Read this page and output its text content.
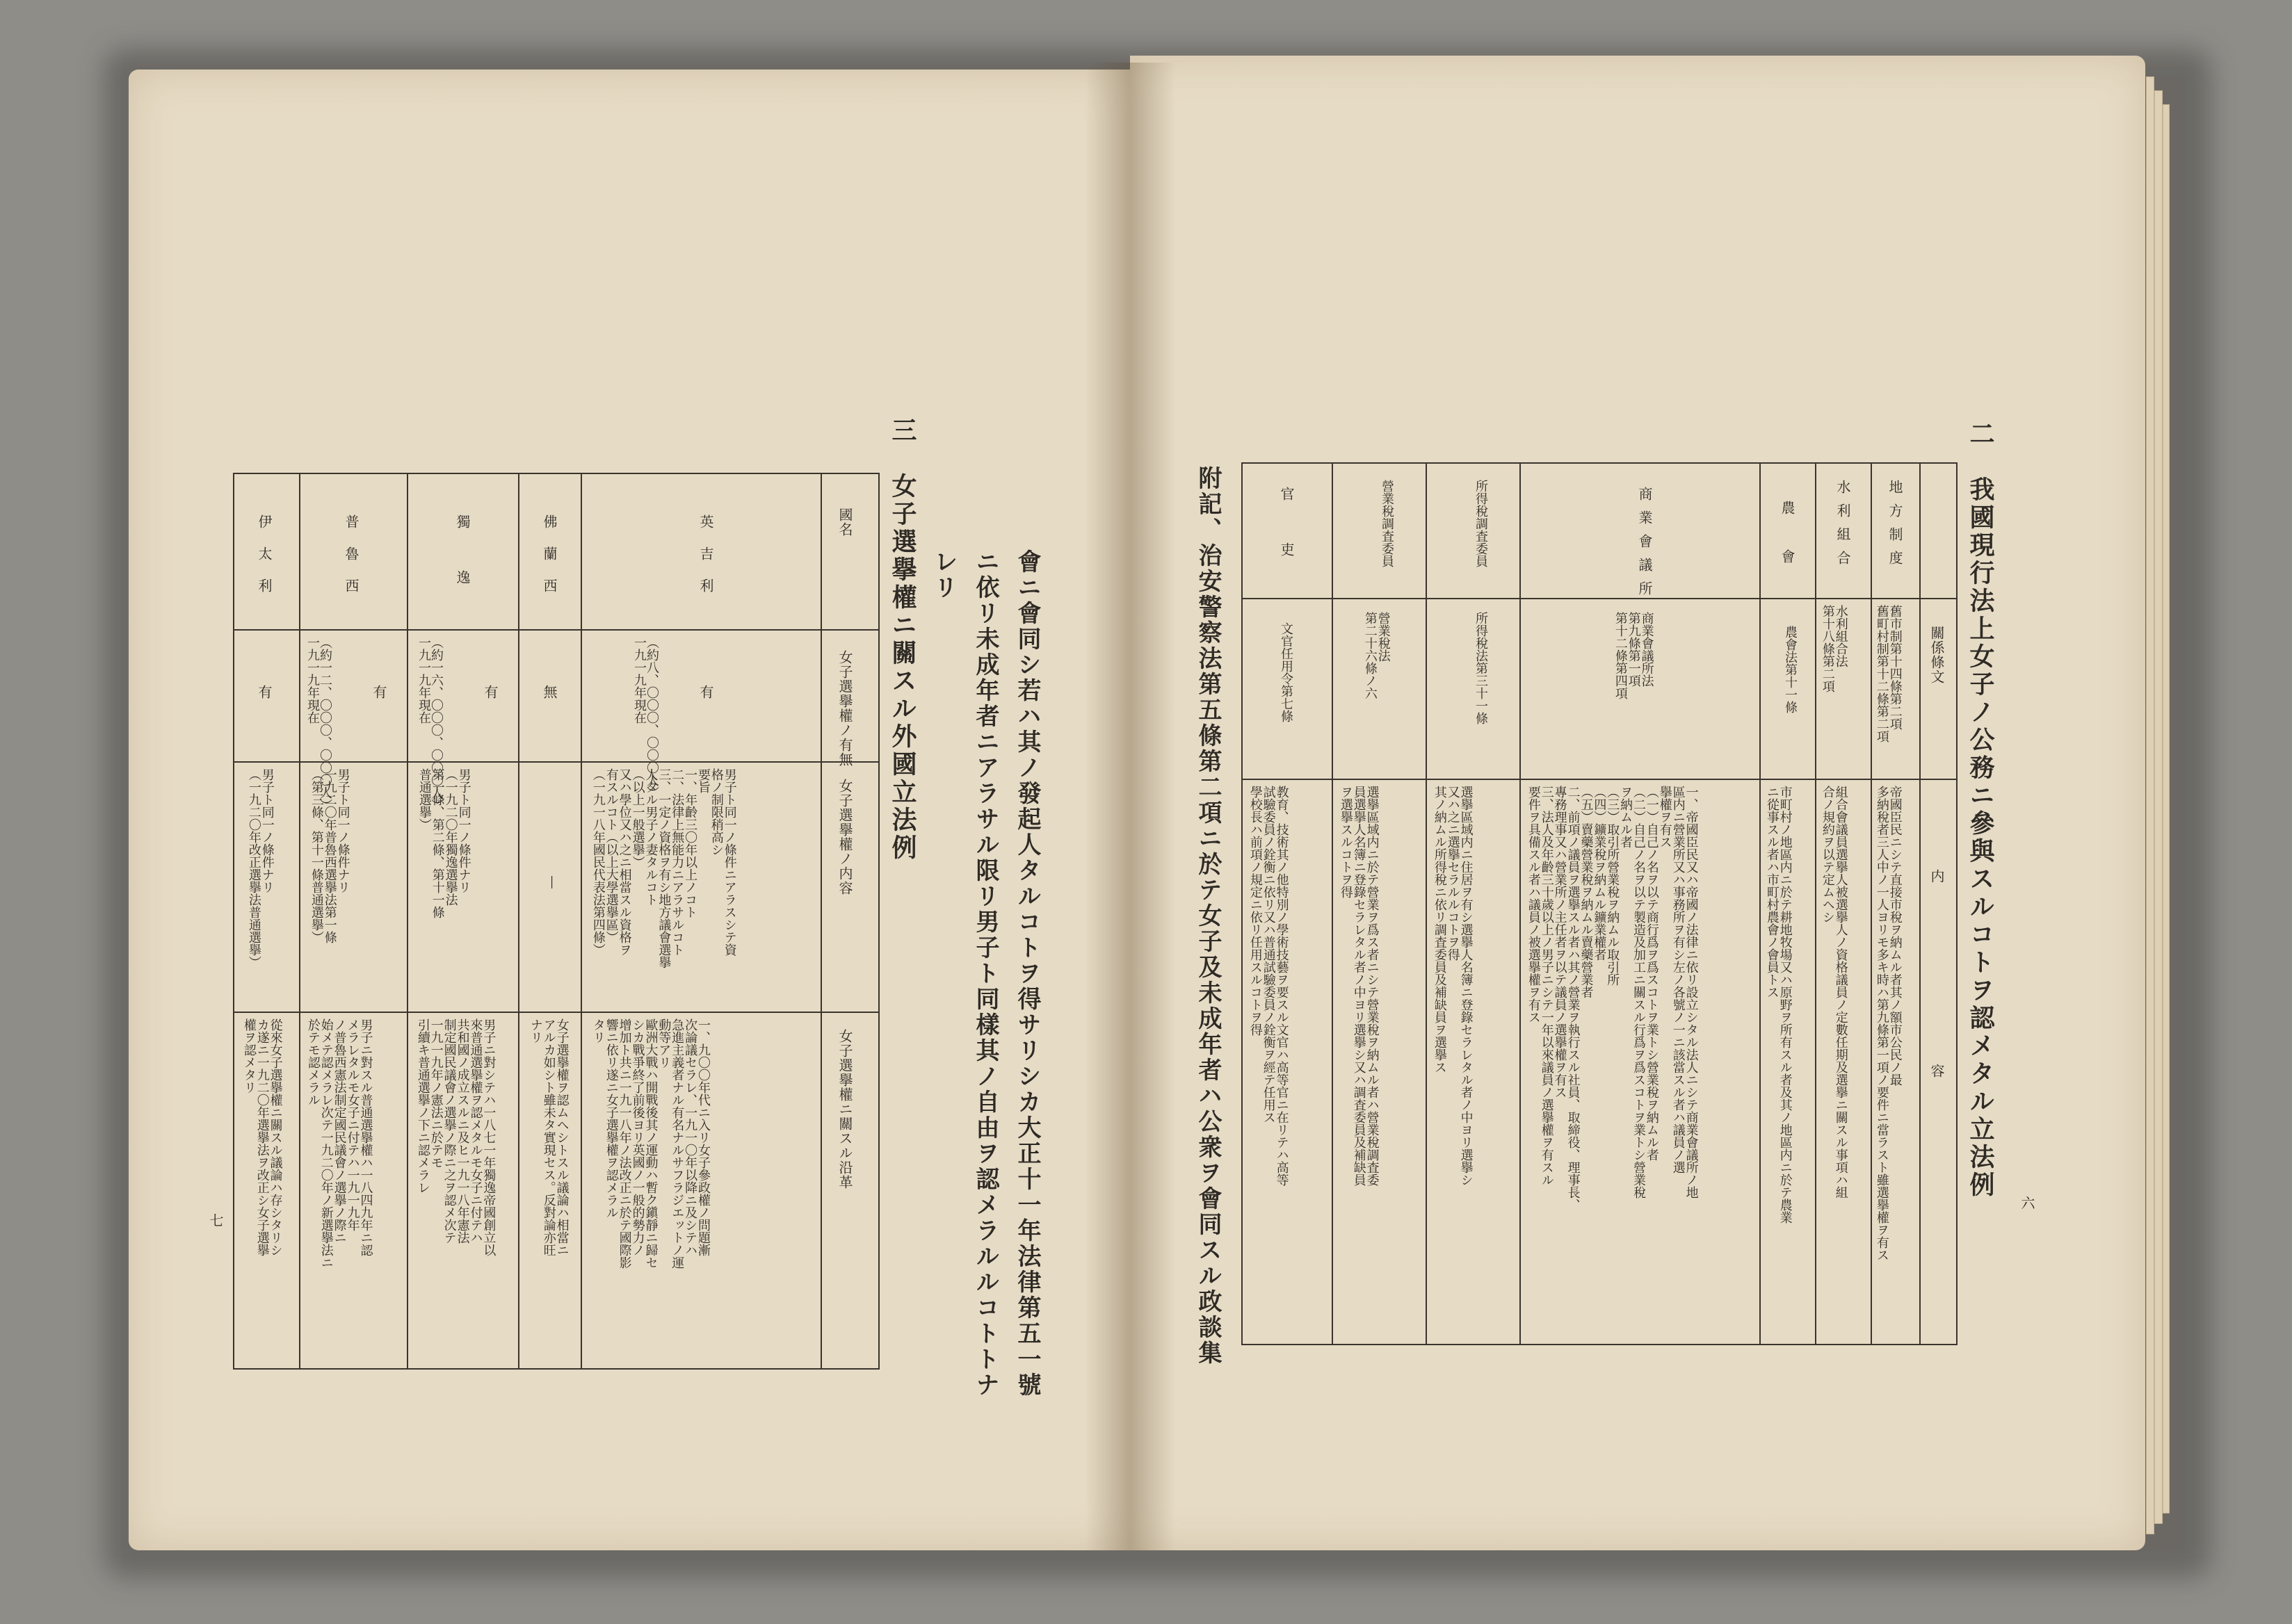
會ニ會同シ若ハ其ノ發起人タルコトヲ得サリシカ大正十一年法律第五一號
ニ依リ未成年者ニアラサル限リ男子ト同樣其ノ自由ヲ認メラルルコトトナ
レリ
三　女子選擧權ニ關スル外國立法例
國名
女子選擧權ノ有無
女子選擧權ノ内容
女子選擧權ニ關スル沿革
英吉利
有
（約八、〇〇〇、〇〇〇人）
一九一九年現在
男子ト同一ノ條件ニアラスシテ資
格ノ制限稍高シ
要旨
一、年齡三〇年以上ノコト
二、法律上無能力ニアラサルコト
三、一定ノ資格ヲ有シ地方議會選擧
人タル男子ノ妻タルコト
（以上一般選擧）
又ハ學位又ハ之ニ相當スル資格ヲ
有スルコト（以上大學選擧區）
（一九一八年國民代表法第四條）
一、九〇〇年代ニ入リ女子參政權ノ問題漸
次論議セラレ、一九一〇年以降ニ及シテハ
急進主義者ナル有名ナルサフラジエットノ運
動等アリ
歐洲大戰ハ開戰後其ノ運動ハ暫ク鎭靜ニ歸セ
シカ戰爭終了前後ヨリ英國ノ一般的勢力ノ
增加ト共ニ一九一八年ノ法改正ニ於テ國際影
響ニ依リ遂ニ女子選擧權ヲ認メラル
タリ
佛蘭西
無
―
女子選擧權ヲ認ムヘシトスル議論ハ相當ニ
アルカ如シト雖未タ實現セス。反對論亦旺
ナリ
獨逸
有
（約一六、〇〇〇、〇〇〇人）
一九一九年現在
男子ト同一ノ條件ナリ
（一九二〇年獨逸選擧法
第一條、第二條、第十一條
普通選擧）
男子ニ對シテハ一八七一年獨逸帝國創立以
來普通選擧權ヲ認メタルモ女子ニ付テハ
共和國ノ成立スルニ及ヒ一九一八年憲法
制定國民議會ノ選擧ノ際ニ之ヲ認メ次テ
一九一九年ノ憲法ニ於テモ
引續キ普通選擧ノ下ニ認メラレ
普魯西
有
（約一二、〇〇〇、〇〇〇人）
一九一九年現在
男子ト同一ノ條件ナリ
一九二〇年普魯西選擧法第一條
（第三條、第十一條普通選擧）
男子ニ對スル普通選擧權ハ一八四九年ニ認
メラレタルモ女子ニ付テハ一九一九年
ノ普魯西憲法制定國民議會ノ選擧ノ際ニ
始メテ認メラレ次テ一九二〇年ノ新選擧法ニ
於テモ認メラル
伊太利
有
男子ト同一ノ條件ナリ
（一九二〇年改正選擧法普通選擧）
從來女子選擧權ニ關スル議論ハ存シタリシ
カ遂ニ一九二〇年選擧法ヲ改正シ女子選擧
權ヲ認メタリ
七
二　我國現行法上女子ノ公務ニ參與スルコトヲ認メタル立法例
關係條文
内容
地方制度
舊市制第十四條第二項
舊町村制第十二條第二項
帝國臣民ニシテ直接市稅ヲ納ムル者其ノ額市公民ノ最
多納稅者三人中ノ一人ヨリモ多キ時ハ第九條第一項ノ要件ニ當ラスト雖選擧權ヲ有ス
水利組合
水利組合法
第十八條第二項
組合會議員選擧人被選擧人ノ資格議員ノ定數任期及選擧ニ關スル事項ハ組
合ノ規約ヲ以テ定ムヘシ
農會
農會法第十一條
市町村ノ地區内ニ於テ耕地牧場又ハ原野ヲ所有スル者及其ノ地區内ニ於テ農業
ニ從事スル者ハ市町村農會ノ會員トス
商業會議所
商業會議所法
第九條第一項
第十二條第四項
一、帝國臣民又ハ帝國ノ法律ニ依リ設立シタル法人ニシテ商業會議所ノ地
區内ニ營業所又ハ事務所ヲ有シ左ノ各號ノ一ニ該當スル者ハ議員ノ選
擧權ヲ有ス
（一）自己ノ名ヲ以テ商行爲ヲ爲スコトヲ業トシ營業稅ヲ納ムル者
（二）自己ノ名ヲ以テ製造及加工ニ關スル行爲ヲ爲スコトヲ業トシ營業稅
ヲ納ムル者
（三）取引所營業稅ヲ納ムル取引所
（四）鑛業稅ヲ納ムル鑛業權者
（五）賣藥營業稅ヲ納ムル賣藥營業者
二、前項ノ議員ヲ選擧スル者ハ其ノ營業ヲ執行スル社員、取締役、理事長、
專務理事又ハ營業所ノ主任者ヲ以テ議員ノ選擧權ヲ有ス
三、法人及年齡三十歲以上ノ男子ニシテ一年以來議員ノ選擧權ヲ有スル
要件ヲ具備スル者ハ議員ノ被選擧權ヲ有ス
所得稅調査委員
所得稅法第三十一條
選擧區域内ニ住居ヲ有シ選擧人名簿ニ登錄セラレタル者ノ中ヨリ選擧シ
又ハ之ニ選擧セラルルコトヲ得
其ノ納ムル所得稅ニ依リ調査委員及補缺員ヲ選擧ス
營業稅調査委員
營業稅法
第二十六條ノ六
選擧區域内ニ於テ營業ヲ爲ス者ニシテ營業稅ヲ納ムル者ハ營業稅調査委
員選擧人名簿ニ登錄セラレタル者ノ中ヨリ選擧シ又ハ調査委員及補缺員
ヲ選擧スルコトヲ得
官吏
文官任用令第七條
教育、技術其ノ他特別ノ學術技藝ヲ要スル文官ハ高等官ニ在リテハ高等
試驗委員ノ銓衡ニ依リ又ハ普通試驗委員ノ銓衡ヲ經テ任用ス
學校長ハ前項ノ規定ニ依リ任用スルコトヲ得
附記、治安警察法第五條第二項ニ於テ女子及未成年者ハ公衆ヲ會同スル政談集	六
